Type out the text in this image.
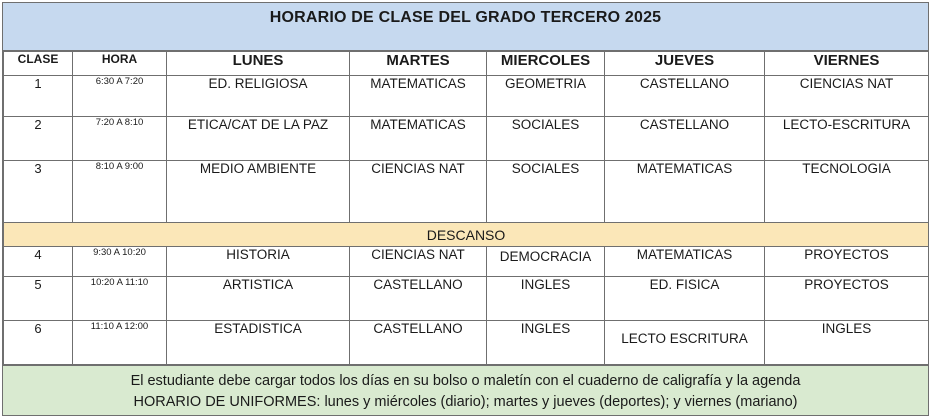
HORARIO DE CLASE DEL GRADO TERCERO 2025
CLASE	HORA	LUNES	MARTES	MIERCOLES	JUEVES	VIERNES
1	6:30 A 7:20	ED. RELIGIOSA	MATEMATICAS	GEOMETRIA	CASTELLANO	CIENCIAS NAT
2	7:20 A 8:10	ETICA/CAT DE LA PAZ	MATEMATICAS	SOCIALES	CASTELLANO	LECTO-ESCRITURA
3	8:10 A 9:00	MEDIO AMBIENTE	CIENCIAS NAT	SOCIALES	MATEMATICAS	TECNOLOGIA
DESCANSO						
4	9:30 A 10:20	HISTORIA	CIENCIAS NAT	DEMOCRACIA	MATEMATICAS	PROYECTOS
5	10:20 A 11:10	ARTISTICA	CASTELLANO	INGLES	ED. FISICA	PROYECTOS
6	11:10 A 12:00	ESTADISTICA	CASTELLANO	INGLES	LECTO ESCRITURA	INGLES
El estudiante debe cargar todos los días en su bolso o maletín con el cuaderno de caligrafía y la agenda
HORARIO DE UNIFORMES: lunes y miércoles (diario); martes y jueves (deportes); y viernes (mariano)
